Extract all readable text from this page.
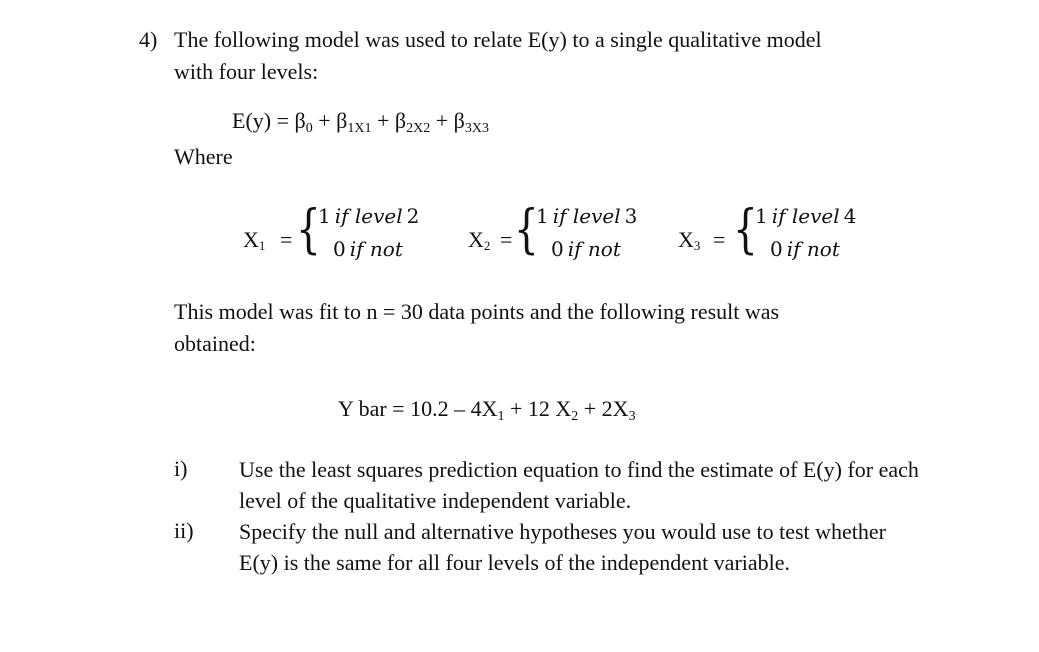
4) The following model was used to relate E(y) to a single qualitative model
with four levels:
$E(y) = \beta_0 + \beta_{1X1} + \beta_{2X2} + \beta_{3X3}$
Where
X1 = {
1 if level 2
0 if not	X2 = {
1 if level 3
0 if not	X3 = {
1 if level 4
0 if not
This model was fit to n = 30 data points and the following result was
obtained:
Y bar = $10.2 - 4X_1 + 12$ $X_2 + 2X_3$
i) Use the least squares prediction equation to find the estimate of E(y) for each level of the qualitative independent variable.
ii) Specify the null and alternative hypotheses you would use to test whether E(y) is the same for all four levels of the independent variable.
